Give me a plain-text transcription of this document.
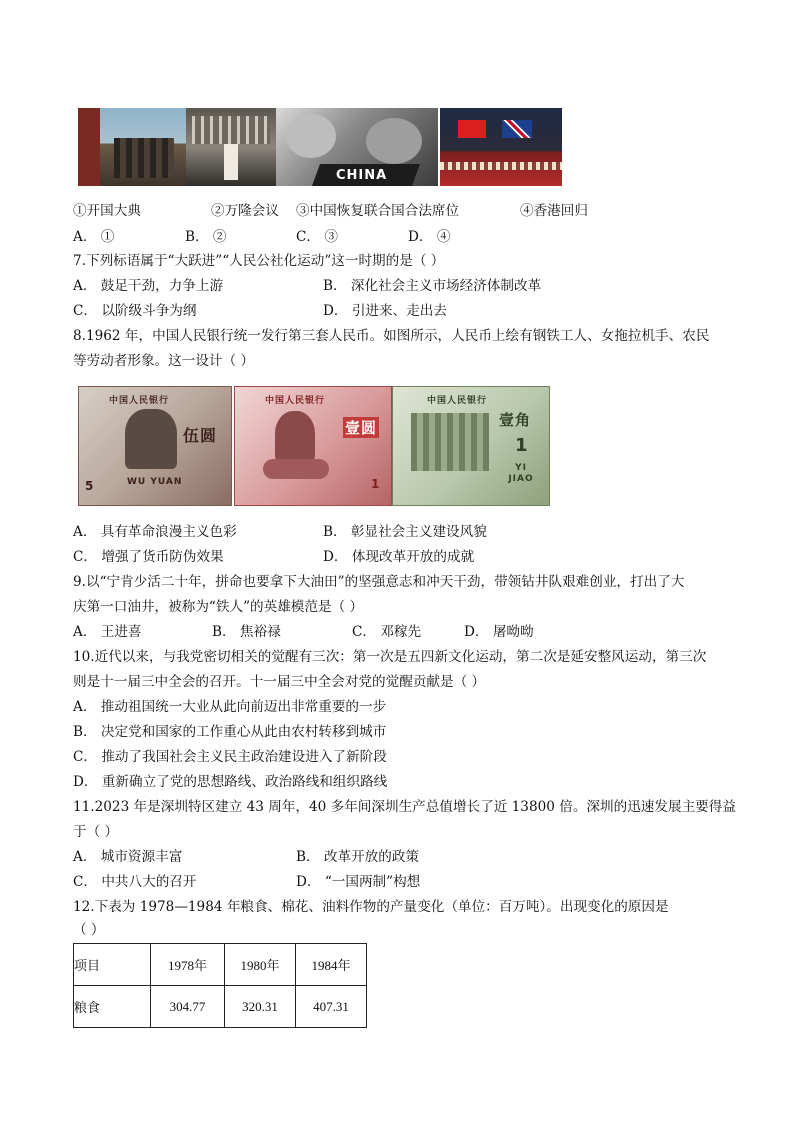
CHINA
①开国大典	②万隆会议 ③中国恢复联合国合法席位	④香港回归
A． ①	B． ②	C． ③	D． ④
7.下列标语属于“大跃进”“人民公社化运动”这一时期的是（ ）
A． 鼓足干劲，力争上游	B． 深化社会主义市场经济体制改革
C． 以阶级斗争为纲	D． 引进来、走出去
8.1962 年，中国人民银行统一发行第三套人民币。如图所示，人民币上绘有钢铁工人、女拖拉机手、农民
等劳动者形象。这一设计（ ）
中国人民银行
伍圆
WU YUAN
5
中国人民银行
壹圆
1
中国人民银行
壹角
1
YI JIAO
A． 具有革命浪漫主义色彩	B． 彰显社会主义建设风貌
C． 增强了货币防伪效果	D． 体现改革开放的成就
9.以“宁肯少活二十年，拼命也要拿下大油田”的坚强意志和冲天干劲，带领钻井队艰难创业，打出了大
庆第一口油井，被称为“铁人”的英雄模范是（ ）
A． 王进喜	B． 焦裕禄	C． 邓稼先	D． 屠呦呦
10.近代以来，与我党密切相关的觉醒有三次：第一次是五四新文化运动，第二次是延安整风运动，第三次
则是十一届三中全会的召开。十一届三中全会对党的觉醒贡献是（ ）
A． 推动祖国统一大业从此向前迈出非常重要的一步
B． 决定党和国家的工作重心从此由农村转移到城市
C． 推动了我国社会主义民主政治建设进入了新阶段
D． 重新确立了党的思想路线、政治路线和组织路线
11.2023 年是深圳特区建立 43 周年，40 多年间深圳生产总值增长了近 13800 倍。深圳的迅速发展主要得益
于（ ）
A． 城市资源丰富	B． 改革开放的政策
C． 中共八大的召开	D． “一国两制”构想
12.下表为 1978—1984 年粮食、棉花、油料作物的产量变化（单位：百万吨）。出现变化的原因是
（ ）
项目	1978年	1980年	1984年
粮食	304.77	320.31	407.31
